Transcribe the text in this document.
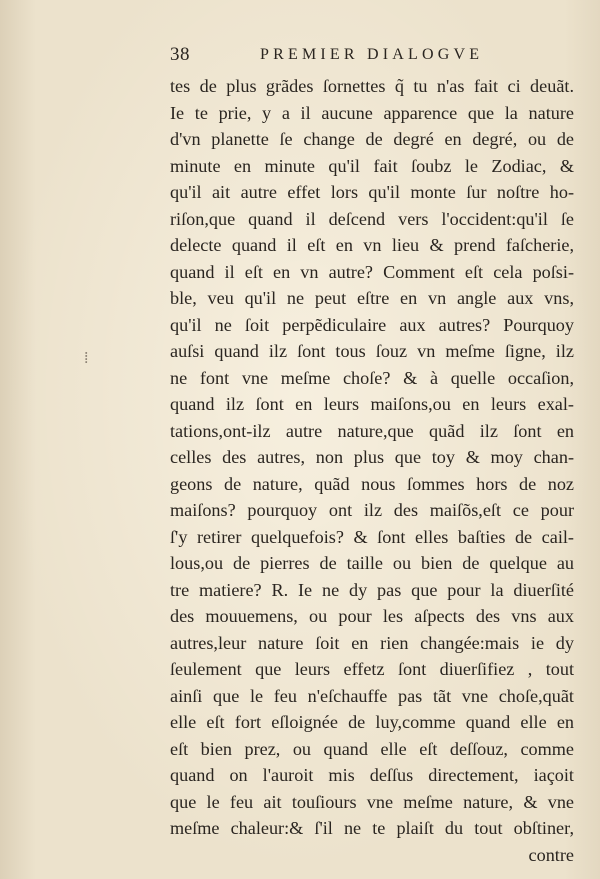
38	PREMIER DIALOGVE
⁞
tes de plus grãdes ſornettes q̃ tu n'as fait ci deuãt.
Ie te prie, y a il aucune apparence que la nature
d'vn planette ſe change de degré en degré, ou de
minute en minute qu'il fait ſoubz le Zodiac, &
qu'il ait autre effet lors qu'il monte ſur noſtre ho-
riſon,que quand il deſcend vers l'occident:qu'il ſe
delecte quand il eſt en vn lieu & prend faſcherie,
quand il eſt en vn autre? Comment eſt cela poſsi-
ble, veu qu'il ne peut eſtre en vn angle aux vns,
qu'il ne ſoit perpẽdiculaire aux autres? Pourquoy
auſsi quand ilz ſont tous ſouz vn meſme ſigne, ilz
ne font vne meſme choſe? & à quelle occaſion,
quand ilz ſont en leurs maiſons,ou en leurs exal-
tations,ont-ilz autre nature,que quãd ilz ſont en
celles des autres, non plus que toy & moy chan-
geons de nature, quãd nous ſommes hors de noz
maiſons? pourquoy ont ilz des maiſõs,eſt ce pour
ſ'y retirer quelquefois? & ſont elles baſties de cail-
lous,ou de pierres de taille ou bien de quelque au
tre matiere? R. Ie ne dy pas que pour la diuerſité
des mouuemens, ou pour les aſpects des vns aux
autres,leur nature ſoit en rien changée:mais ie dy
ſeulement que leurs effetz ſont diuerſifiez , tout
ainſi que le feu n'eſchauffe pas tãt vne choſe,quãt
elle eſt fort eſloignée de luy,comme quand elle en
eſt bien prez, ou quand elle eſt deſſouz, comme
quand on l'auroit mis deſſus directement, iaçoit
que le feu ait touſiours vne meſme nature, & vne
meſme chaleur:& ſ'il ne te plaiſt du tout obſtiner,
contre
